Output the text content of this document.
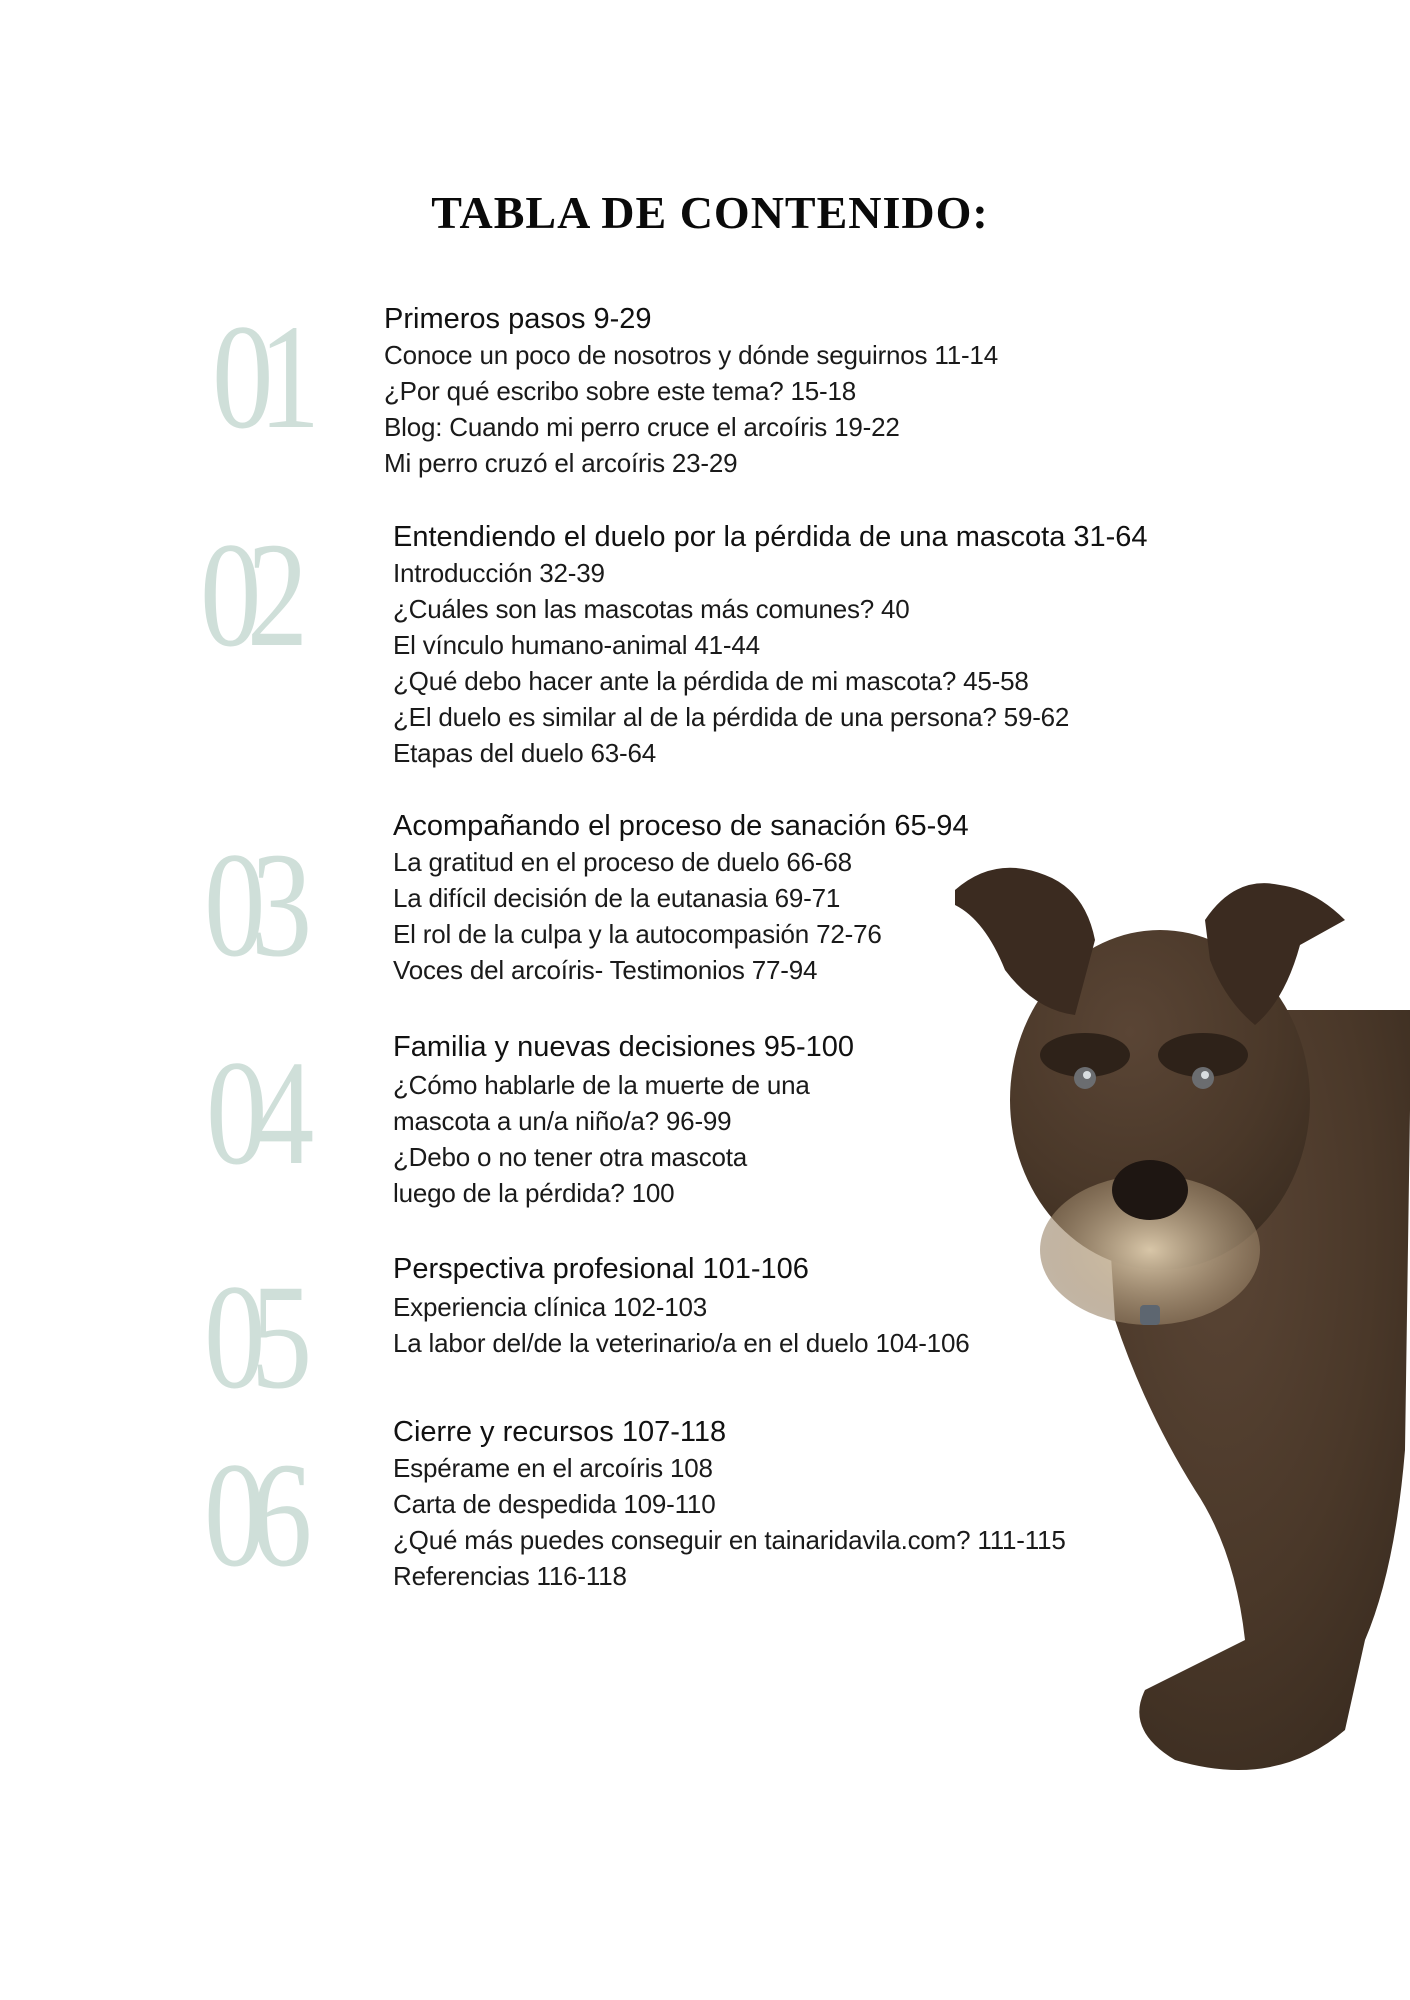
TABLA DE CONTENIDO:
01	Primeros pasos 9-29
Conoce un poco de nosotros y dónde seguirnos 11-14
¿Por qué escribo sobre este tema? 15-18
Blog: Cuando mi perro cruce el arcoíris 19-22
Mi perro cruzó el arcoíris 23-29
02	Entendiendo el duelo por la pérdida de una mascota 31-64
Introducción 32-39
¿Cuáles son las mascotas más comunes? 40
El vínculo humano-animal 41-44
¿Qué debo hacer ante la pérdida de mi mascota? 45-58
¿El duelo es similar al de la pérdida de una persona? 59-62
Etapas del duelo 63-64
03	Acompañando el proceso de sanación 65-94
La gratitud en el proceso de duelo 66-68
La difícil decisión de la eutanasia 69-71
El rol de la culpa y la autocompasión 72-76
Voces del arcoíris- Testimonios 77-94
04	Familia y nuevas decisiones 95-100
¿Cómo hablarle de la muerte de una
mascota a un/a niño/a? 96-99
¿Debo o no tener otra mascota
luego de la pérdida? 100
05	Perspectiva profesional 101-106
Experiencia clínica 102-103
La labor del/de la veterinario/a en el duelo 104-106
06	Cierre y recursos 107-118
Espérame en el arcoíris 108
Carta de despedida 109-110
¿Qué más puedes conseguir en tainaridavila.com? 111-115
Referencias 116-118
